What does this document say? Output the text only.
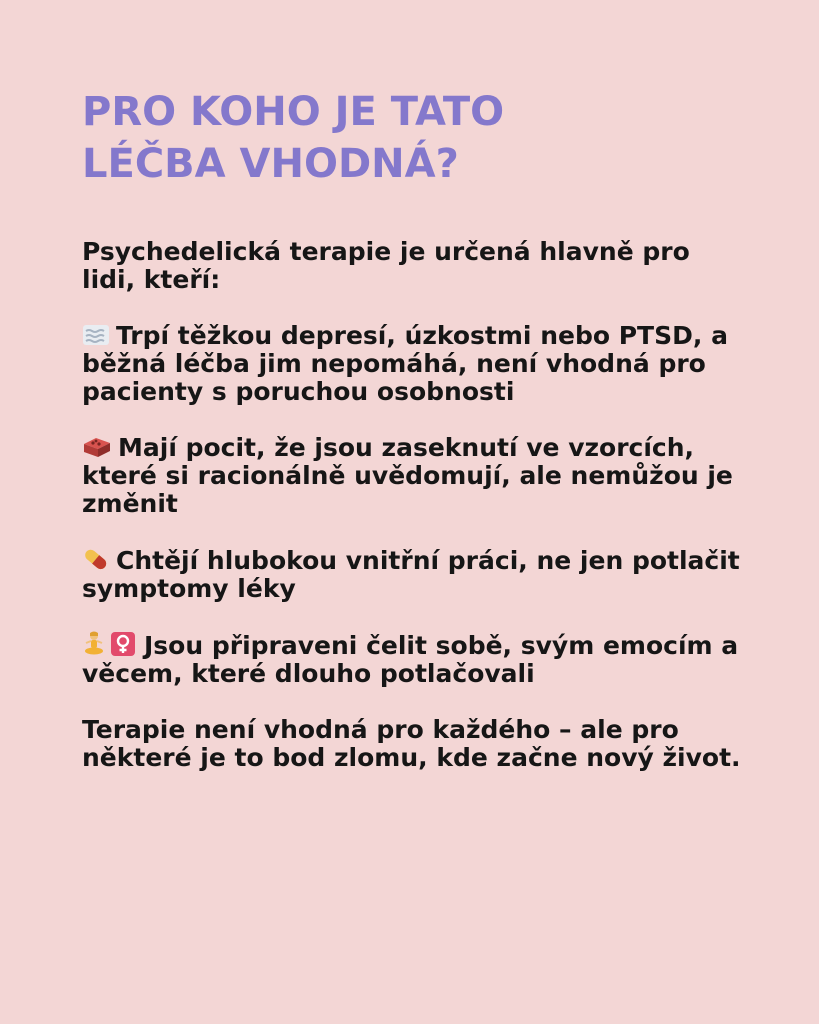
PRO KOHO JE TATO
LÉČBA VHODNÁ?

Psychedelická terapie je určená hlavně pro lidi, kteří:

Trpí těžkou depresí, úzkostmi nebo PTSD, a běžná léčba jim nepomáhá, není vhodná pro pacienty s poruchou osobnosti

Mají pocit, že jsou zaseknutí ve vzorcích, které si racionálně uvědomují, ale nemůžou je změnit

Chtějí hlubokou vnitřní práci, ne jen potlačit symptomy léky

Jsou připraveni čelit sobě, svým emocím a věcem, které dlouho potlačovali

Terapie není vhodná pro každého – ale pro některé je to bod zlomu, kde začne nový život.
